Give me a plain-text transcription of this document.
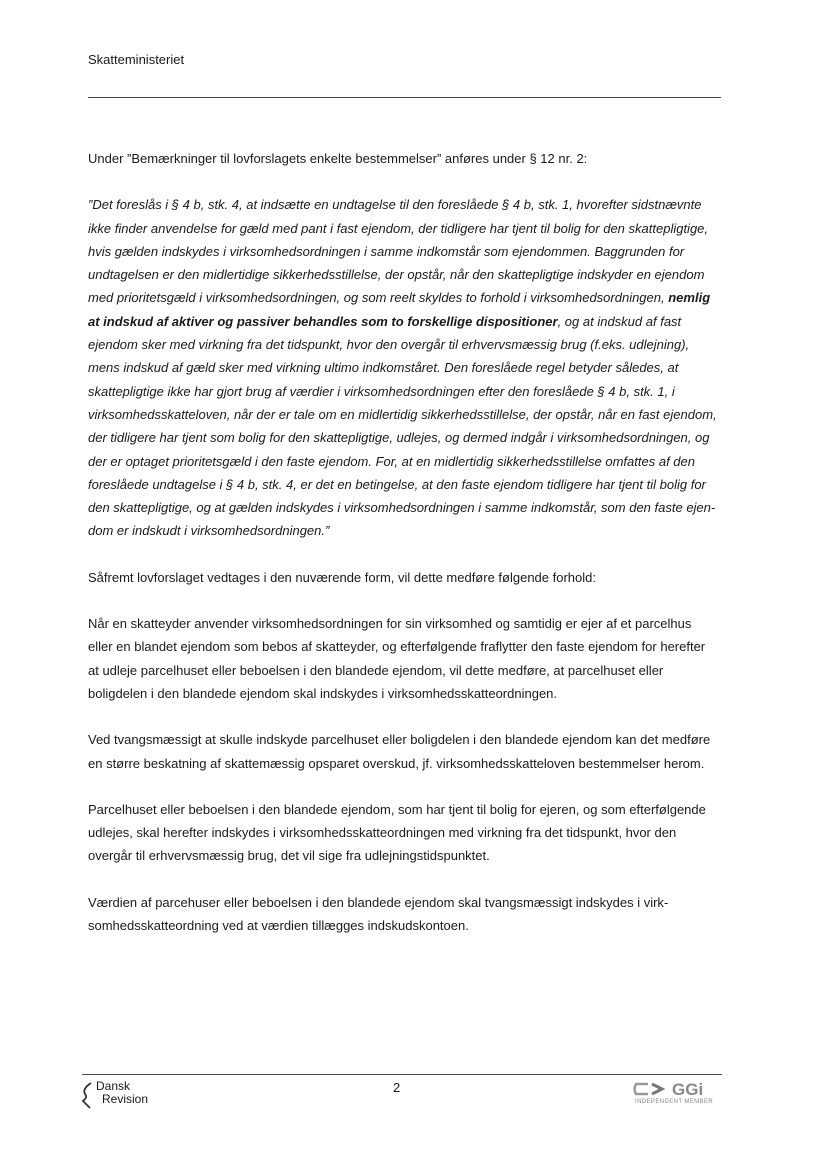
Skatteministeriet

Under ”Bemærkninger til lovforslagets enkelte bestemmelser” anføres under § 12 nr. 2:

”Det foreslås i § 4 b, stk. 4, at indsætte en undtagelse til den foreslåede § 4 b, stk. 1, hvorefter sidstnævnte ikke finder anvendelse for gæld med pant i fast ejendom, der tidligere har tjent til bolig for den skattepligtige, hvis gælden indskydes i virksomhedsordningen i samme indkomstår som ejendommen. Baggrunden for undtagelsen er den midlertidige sikkerhedsstillelse, der opstår, når den skattepligtige indskyder en ejendom med prioritetsgæld i virksomhedsordningen, og som reelt skyldes to forhold i virksomhedsordningen, nemlig at indskud af aktiver og passiver behandles som to forskellige dispositioner, og at indskud af fast ejendom sker med virkning fra det tidspunkt, hvor den overgår til erhvervsmæssig brug (f.eks. udlejning), mens indskud af gæld sker med virkning ultimo indkomståret. Den foreslåede regel betyder således, at skattepligtige ikke har gjort brug af værdier i virksomhedsordningen efter den foreslåede § 4 b, stk. 1, i virksomhedsskatteloven, når der er tale om en midlertidig sikkerhedsstillelse, der opstår, når en fast ejendom, der tidligere har tjent som bolig for den skattepligtige, udlejes, og dermed indgår i virksomhedsordningen, og der er optaget prioritetsgæld i den faste ejendom. For, at en midlertidig sikkerhedsstillelse omfattes af den foreslåede undtagelse i § 4 b, stk. 4, er det en betingelse, at den faste ejendom tidligere har tjent til bolig for den skattepligtige, og at gælden indskydes i virksomhedsordningen i samme indkomstår, som den faste ejendom er indskudt i virksomhedsordningen.”

Såfremt lovforslaget vedtages i den nuværende form, vil dette medføre følgende forhold:

Når en skatteyder anvender virksomhedsordningen for sin virksomhed og samtidig er ejer af et parcelhus eller en blandet ejendom som bebos af skatteyder, og efterfølgende fraflytter den faste ejendom for herefter at udleje parcelhuset eller beboelsen i den blandede ejendom, vil dette medføre, at parcelhuset eller boligdelen i den blandede ejendom skal indskydes i virksomhedsskatteordningen.

Ved tvangsmæssigt at skulle indskyde parcelhuset eller boligdelen i den blandede ejendom kan det medføre en større beskatning af skattemæssig opsparet overskud, jf. virksomhedsskatteloven bestemmelser herom.

Parcelhuset eller beboelsen i den blandede ejendom, som har tjent til bolig for ejeren, og som efterfølgende udlejes, skal herefter indskydes i virksomhedsskatteordningen med virkning fra det tidspunkt, hvor den overgår til erhvervsmæssig brug, det vil sige fra udlejningstidspunktet.

Værdien af parcehuser eller beboelsen i den blandede ejendom skal tvangsmæssigt indskydes i virksomhedsskatteordning ved at værdien tillægges indskudskontoen.

Dansk
Revision
2	GGi
INDEPENDENT MEMBER
